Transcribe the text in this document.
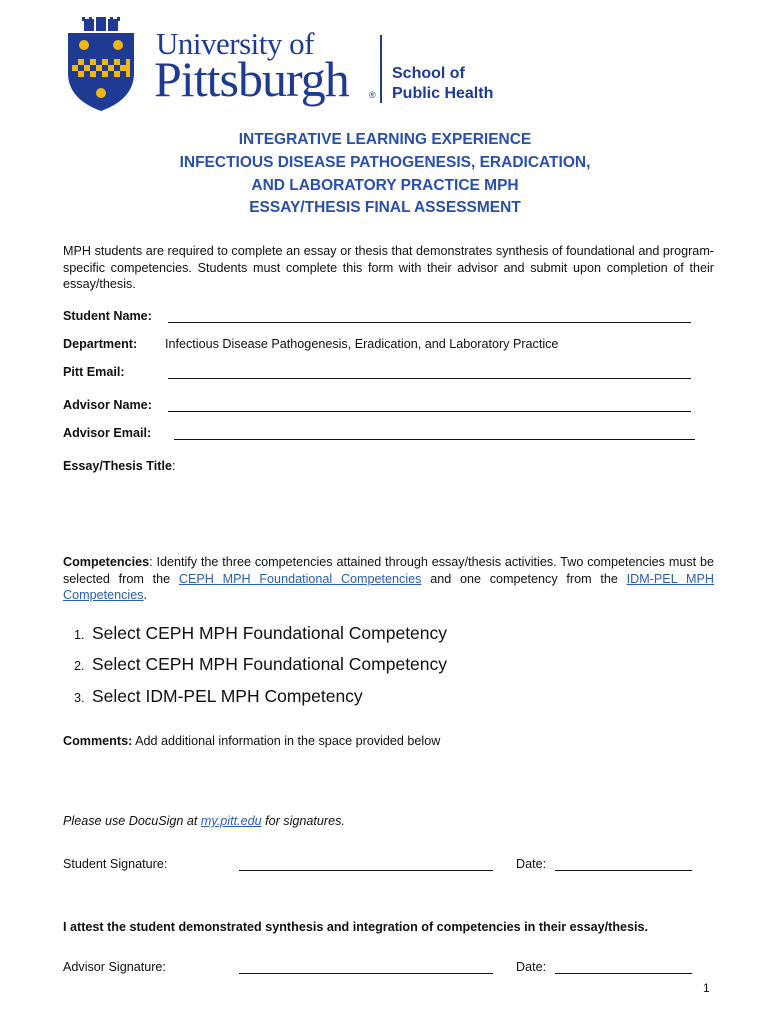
University of
Pittsburgh ®
School of
Public Health
INTEGRATIVE LEARNING EXPERIENCE
INFECTIOUS DISEASE PATHOGENESIS, ERADICATION,
AND LABORATORY PRACTICE MPH
ESSAY/THESIS FINAL ASSESSMENT
MPH students are required to complete an essay or thesis that demonstrates synthesis of foundational and program-specific competencies. Students must complete this form with their advisor and submit upon completion of their essay/thesis.
Student Name:
Department: Infectious Disease Pathogenesis, Eradication, and Laboratory Practice
Pitt Email:
Advisor Name:
Advisor Email:
Essay/Thesis Title:
Competencies: Identify the three competencies attained through essay/thesis activities. Two competencies must be selected from the CEPH MPH Foundational Competencies and one competency from the IDM-PEL MPH Competencies.
1. Select CEPH MPH Foundational Competency
2. Select CEPH MPH Foundational Competency
3. Select IDM-PEL MPH Competency
Comments: Add additional information in the space provided below
Please use DocuSign at my.pitt.edu for signatures.
Student Signature:	Date:
I attest the student demonstrated synthesis and integration of competencies in their essay/thesis.
Advisor Signature:	Date:
1
